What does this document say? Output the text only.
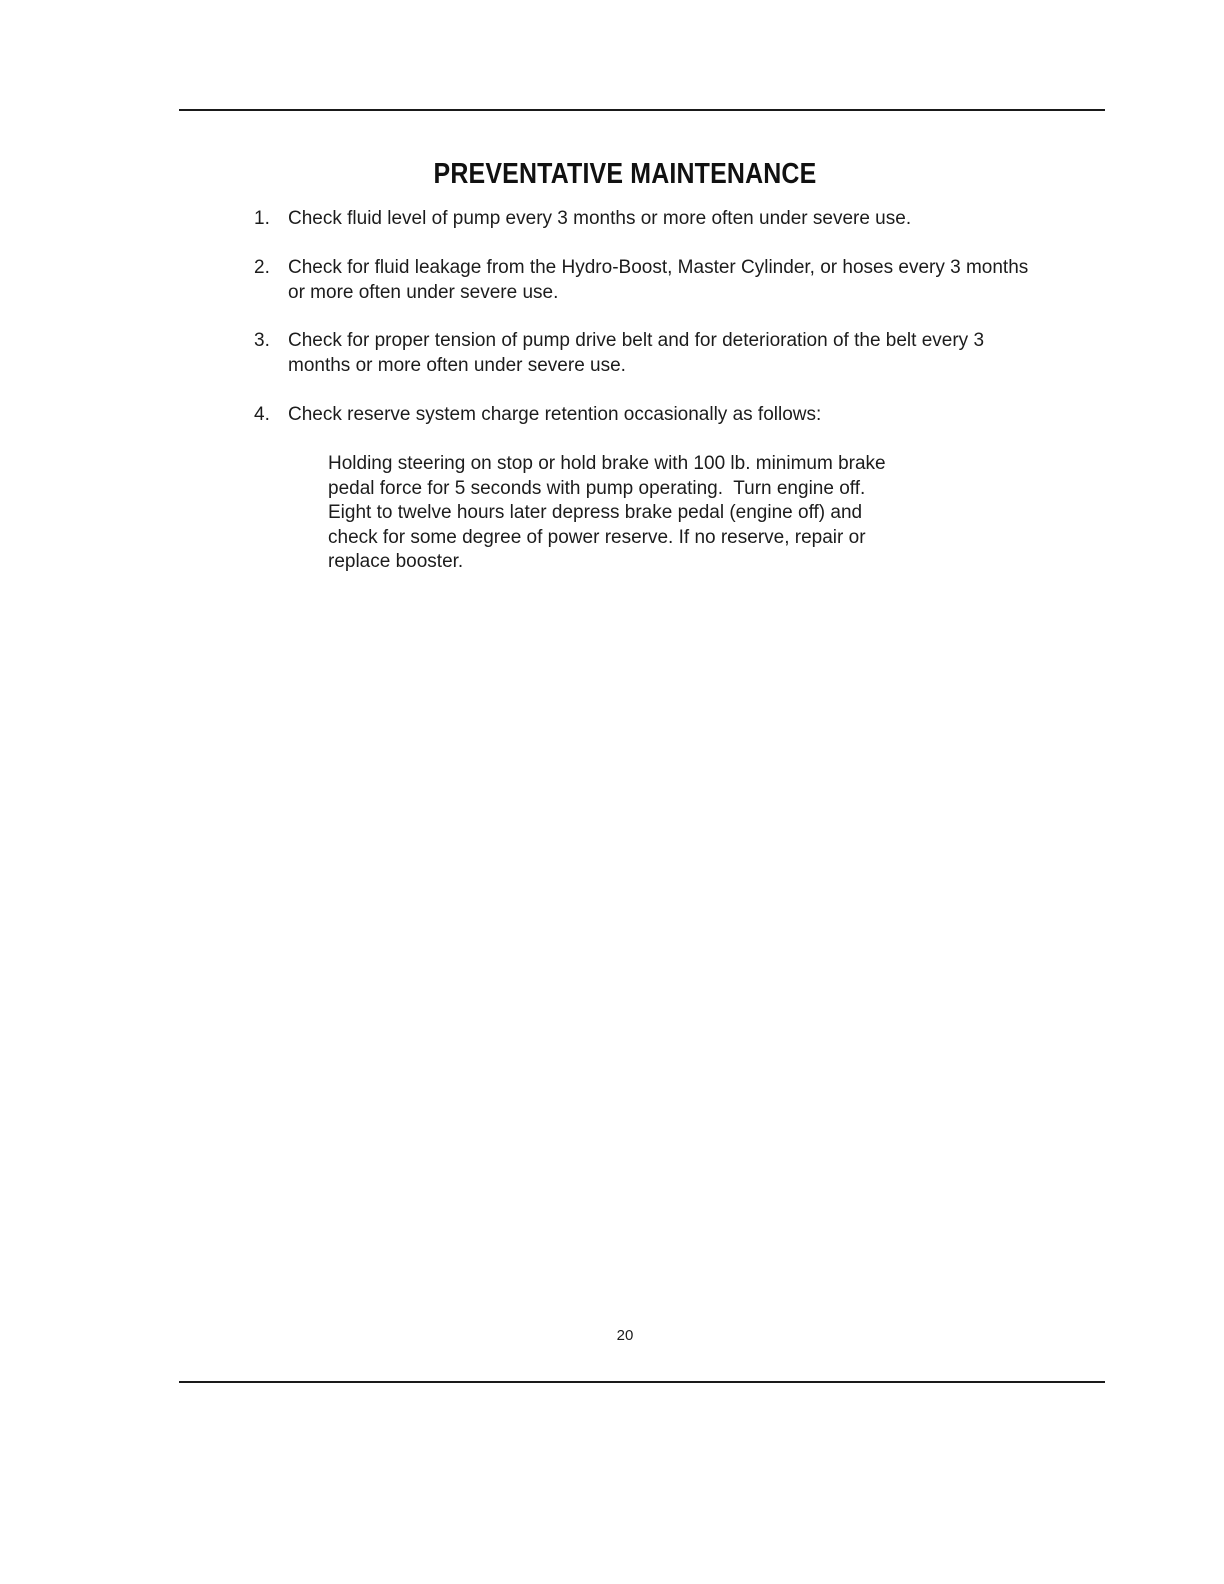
PREVENTATIVE MAINTENANCE
1. Check fluid level of pump every 3 months or more often under severe use.
2. Check for fluid leakage from the Hydro-Boost, Master Cylinder, or hoses every 3 months or more often under severe use.
3. Check for proper tension of pump drive belt and for deterioration of the belt every 3 months or more often under severe use.
4. Check reserve system charge retention occasionally as follows:
Holding steering on stop or hold brake with 100 lb. minimum brake
pedal force for 5 seconds with pump operating.  Turn engine off.
Eight to twelve hours later depress brake pedal (engine off) and
check for some degree of power reserve. If no reserve, repair or
replace booster.
20
